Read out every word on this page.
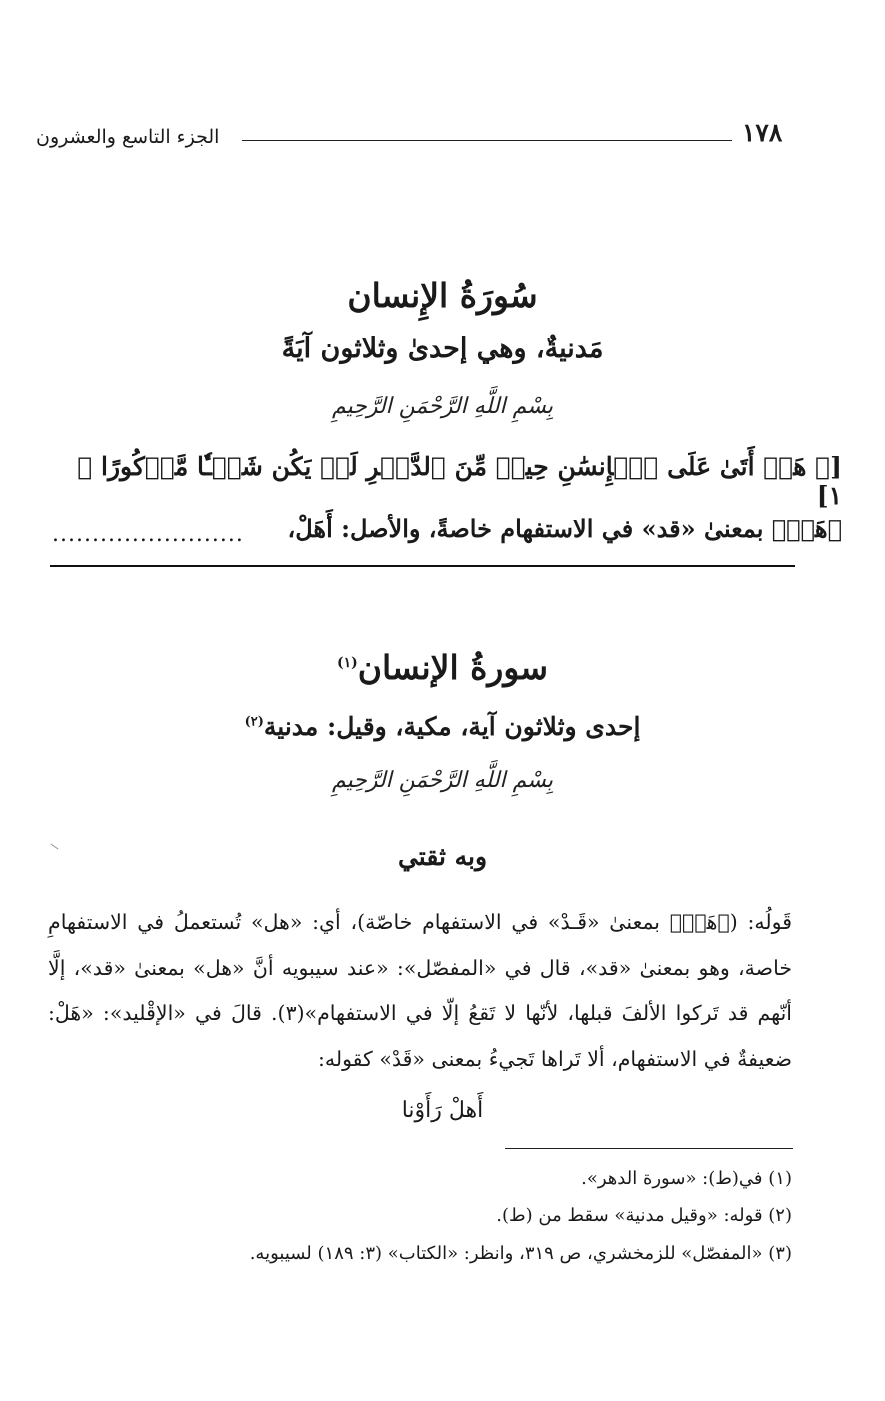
١٧٨
الجزء التاسع والعشرون
سُورَةُ الإِنسان
مَدنيةٌ، وهي إحدىٰ وثلاثون آيَةً
بِسْمِ اللَّهِ الرَّحْمَنِ الرَّحِيمِ
[﴿ هَلۡ أَتَىٰ عَلَى ٱلۡإِنسَٰنِ حِينٞ مِّنَ ٱلدَّهۡرِ لَمۡ يَكُن شَيۡـٔٗا مَّذۡكُورًا ﴾ ١]
﴿هَلۡ﴾ بمعنىٰ «قد» في الاستفهام خاصةً، والأصل: أَهَلْ،
........................
سورةُ الإنسان$^{(١)}$
إحدى وثلاثون آية، مكية، وقيل: مدنية$^{(٢)}$
بِسْمِ اللَّهِ الرَّحْمَنِ الرَّحِيمِ
وبه ثقتي
قَولُه: (﴿هَلۡ﴾ بمعنىٰ «قَـدْ» في الاستفهام خاصّة)، أي: «هل» تُستعملُ في الاستفهامِ خاصة، وهو بمعنىٰ «قد»، قال في «المفصّل»: «عند سيبويه أنَّ «هل» بمعنىٰ «قد»، إلَّا أنّهم قد تَركوا الألفَ قبلها، لأنّها لا تَقعُ إلّا في الاستفهام»(٣). قالَ في «الإقْليد»: «هَلْ: ضعيفةٌ في الاستفهام، ألا تَراها تَجيءُ بمعنى «قَدْ» كقوله:
أَهلْ رَأَوْنا
(١) في(ط): «سورة الدهر».
(٢) قوله: «وقيل مدنية» سقط من (ط).
(٣) «المفصّل» للزمخشري، ص ٣١٩، وانظر: «الكتاب» (٣: ١٨٩) لسيبويه.
